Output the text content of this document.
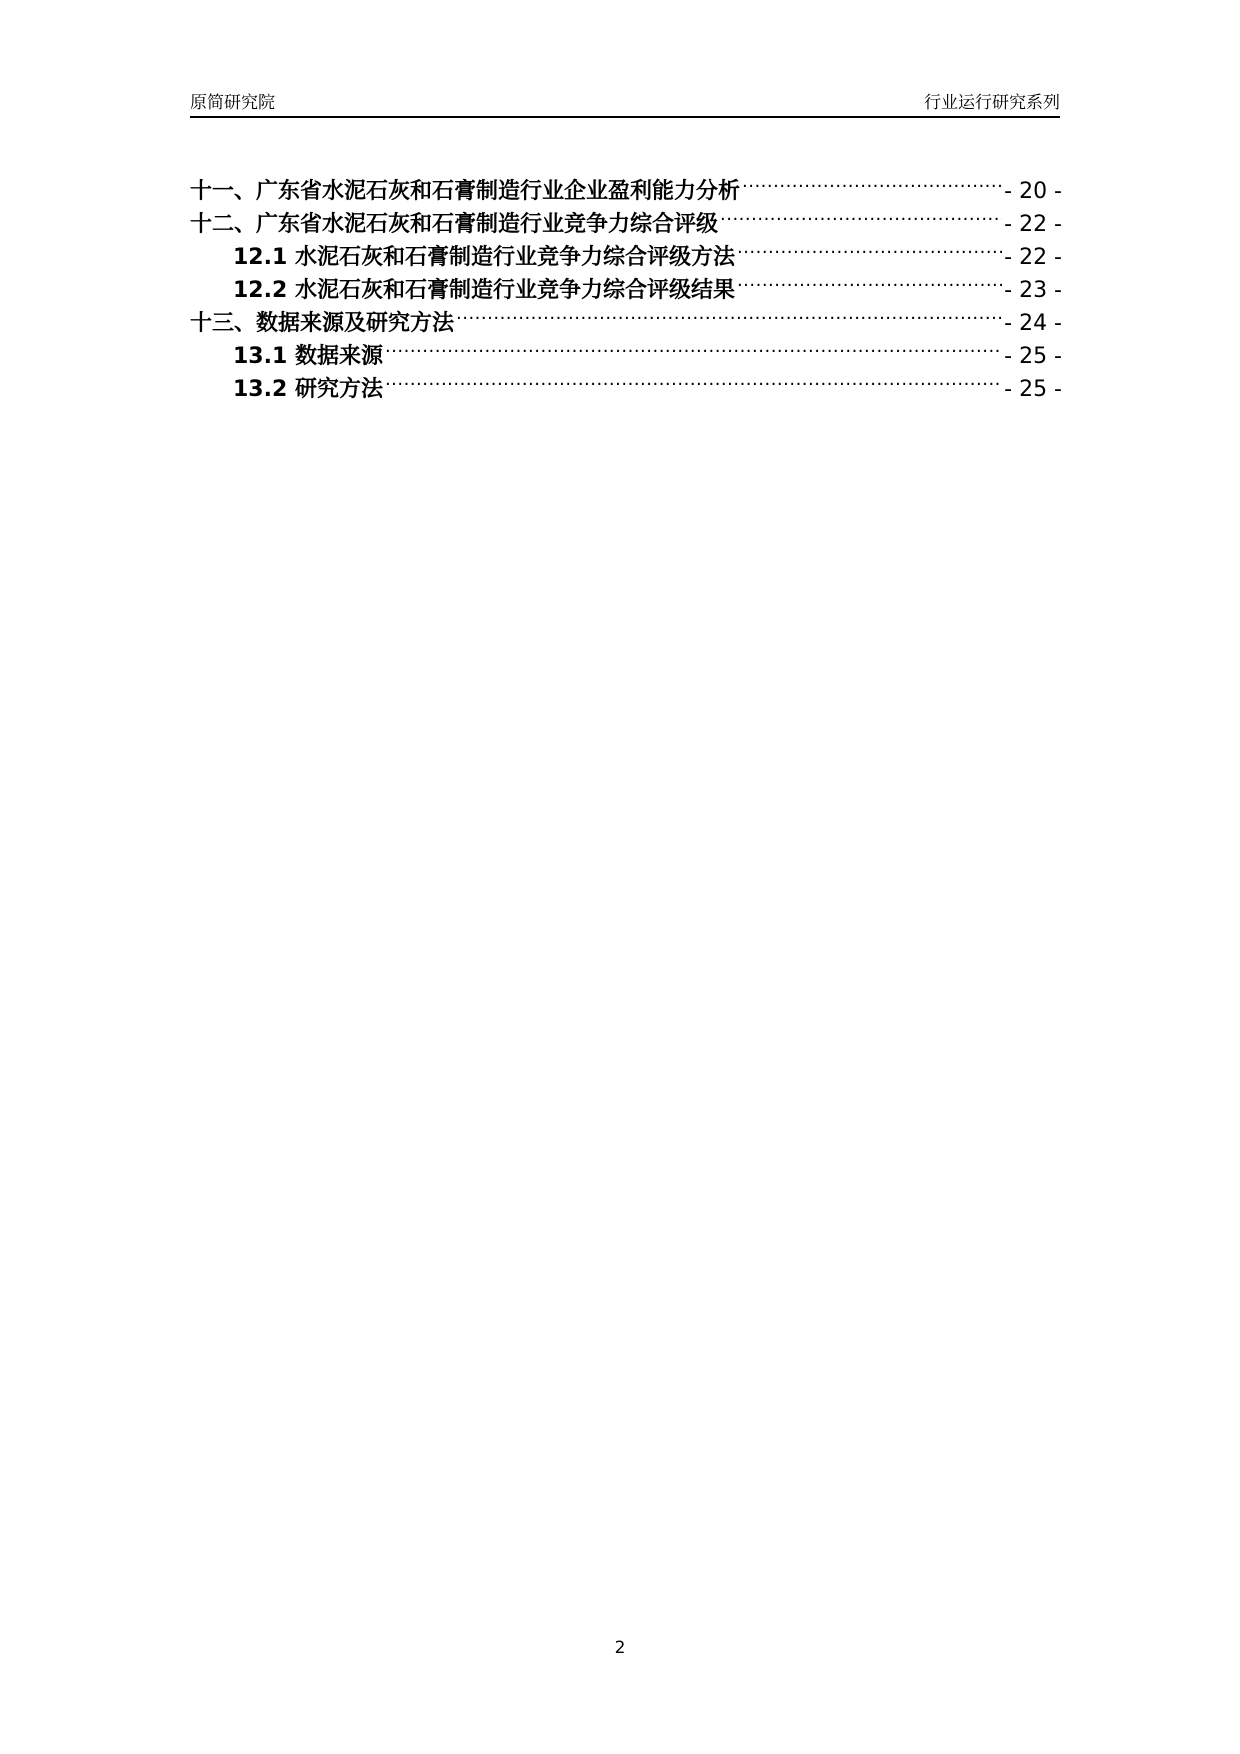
原简研究院	行业运行研究系列
十一、广东省水泥石灰和石膏制造行业企业盈利能力分析 .....	- 20 -
十二、广东省水泥石灰和石膏制造行业竞争力综合评级 .....	- 22 -
12.1 水泥石灰和石膏制造行业竞争力综合评级方法 .....	- 22 -
12.2 水泥石灰和石膏制造行业竞争力综合评级结果 .....	- 23 -
十三、数据来源及研究方法 .....	- 24 -
13.1 数据来源 .....	- 25 -
13.2 研究方法 .....	- 25 -
2
